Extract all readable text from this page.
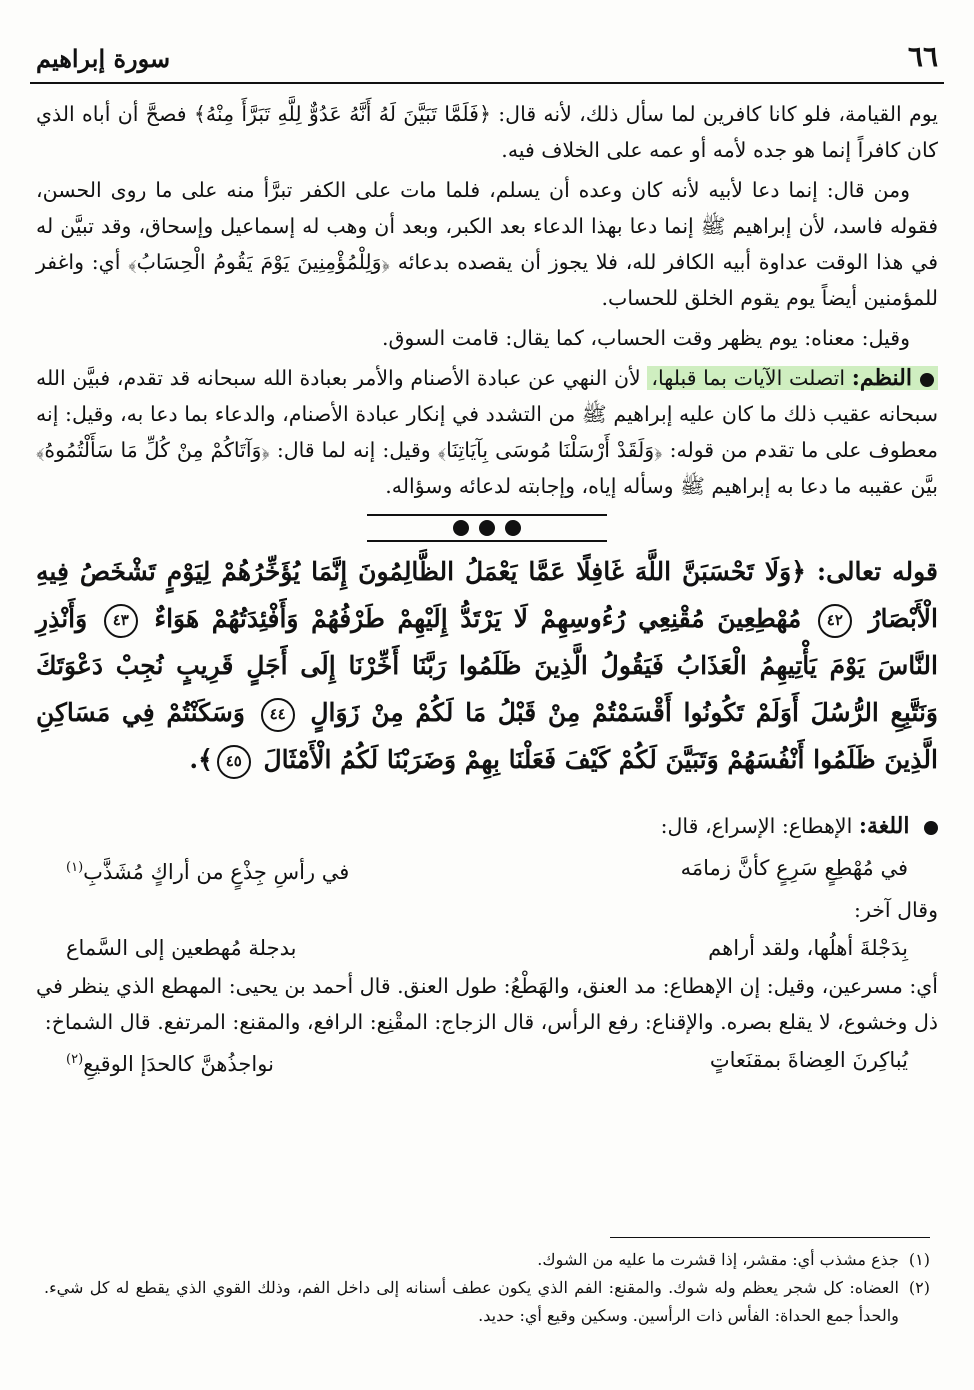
٦٦
سورة إبراهيم

يوم القيامة، فلو كانا كافرين لما سأل ذلك، لأنه قال: ﴿فَلَمَّا تَبَيَّنَ لَهُ أَنَّهُ عَدُوٌّ لِلَّهِ تَبَرَّأَ مِنْهُ﴾ فصحَّ أن أباه الذي كان كافراً إنما هو جده لأمه أو عمه على الخلاف فيه.

ومن قال: إنما دعا لأبيه لأنه كان وعده أن يسلم، فلما مات على الكفر تبرَّأ منه على ما روى الحسن، فقوله فاسد، لأن إبراهيم ﷺ إنما دعا بهذا الدعاء بعد الكبر، وبعد أن وهب له إسماعيل وإسحاق، وقد تبيَّن له في هذا الوقت عداوة أبيه الكافر لله، فلا يجوز أن يقصده بدعائه ﴿وَلِلْمُؤْمِنِينَ يَوْمَ يَقُومُ الْحِسَابُ﴾ أي: واغفر للمؤمنين أيضاً يوم يقوم الخلق للحساب.

وقيل: معناه: يوم يظهر وقت الحساب، كما يقال: قامت السوق.

النظم: اتصلت الآيات بما قبلها، لأن النهي عن عبادة الأصنام والأمر بعبادة الله سبحانه قد تقدم، فبيَّن الله سبحانه عقيب ذلك ما كان عليه إبراهيم ﷺ من التشدد في إنكار عبادة الأصنام، والدعاء بما دعا به، وقيل: إنه معطوف على ما تقدم من قوله: ﴿وَلَقَدْ أَرْسَلْنَا مُوسَى بِآيَاتِنَا﴾ وقيل: إنه لما قال: ﴿وَآتَاكُمْ مِنْ كُلِّ مَا سَأَلْتُمُوهُ﴾ بيَّن عقيبه ما دعا به إبراهيم ﷺ وسأله إياه، وإجابته لدعائه وسؤاله.

قوله تعالى: ﴿وَلَا تَحْسَبَنَّ اللَّهَ غَافِلًا عَمَّا يَعْمَلُ الظَّالِمُونَ إِنَّمَا يُؤَخِّرُهُمْ لِيَوْمٍ تَشْخَصُ فِيهِ الْأَبْصَارُ ٤٢ مُهْطِعِينَ مُقْنِعِي رُءُوسِهِمْ لَا يَرْتَدُّ إِلَيْهِمْ طَرْفُهُمْ وَأَفْئِدَتُهُمْ هَوَاءٌ ٤٣ وَأَنْذِرِ النَّاسَ يَوْمَ يَأْتِيهِمُ الْعَذَابُ فَيَقُولُ الَّذِينَ ظَلَمُوا رَبَّنَا أَخِّرْنَا إِلَى أَجَلٍ قَرِيبٍ نُجِبْ دَعْوَتَكَ وَنَتَّبِعِ الرُّسُلَ أَوَلَمْ تَكُونُوا أَقْسَمْتُمْ مِنْ قَبْلُ مَا لَكُمْ مِنْ زَوَالٍ ٤٤ وَسَكَنْتُمْ فِي مَسَاكِنِ الَّذِينَ ظَلَمُوا أَنْفُسَهُمْ وَتَبَيَّنَ لَكُمْ كَيْفَ فَعَلْنَا بِهِمْ وَضَرَبْنَا لَكُمُ الْأَمْثَالَ ٤٥﴾.

اللغة: الإهطاع: الإسراع، قال:

في مُهْطِعٍ سَرِعٍ كأنَّ زمامَه
في رأسِ جِذْعٍ من أراكٍ مُشَذَّبِ$^{(١)}$

وقال آخر:

بِدَجْلةَ أهلُها، ولقد أراهم
بدجلة مُهطعين إلى السَّماع

أي: مسرعين، وقيل: إن الإهطاع: مد العنق، والهَطْعُ: طول العنق. قال أحمد بن يحيى: المهطع الذي ينظر في ذل وخشوع، لا يقلع بصره. والإقناع: رفع الرأس، قال الزجاج: المقْنِع: الرافع، والمقنع: المرتفع. قال الشماخ:

يُباكِرنَ العِضاةَ بمقنَعاتٍ
نواجذُهنَّ كالحدَإ الوقيعِ$^{(٢)}$
(١)
جذع مشذب أي: مقشر، إذا قشرت ما عليه من الشوك.
(٢)
العضاه: كل شجر يعظم وله شوك. والمقنع: الفم الذي يكون عطف أسنانه إلى داخل الفم، وذلك القوي الذي يقطع له كل شيء. والحدأ جمع الحداة: الفأس ذات الرأسين. وسكين وقيع أي: حديد.
